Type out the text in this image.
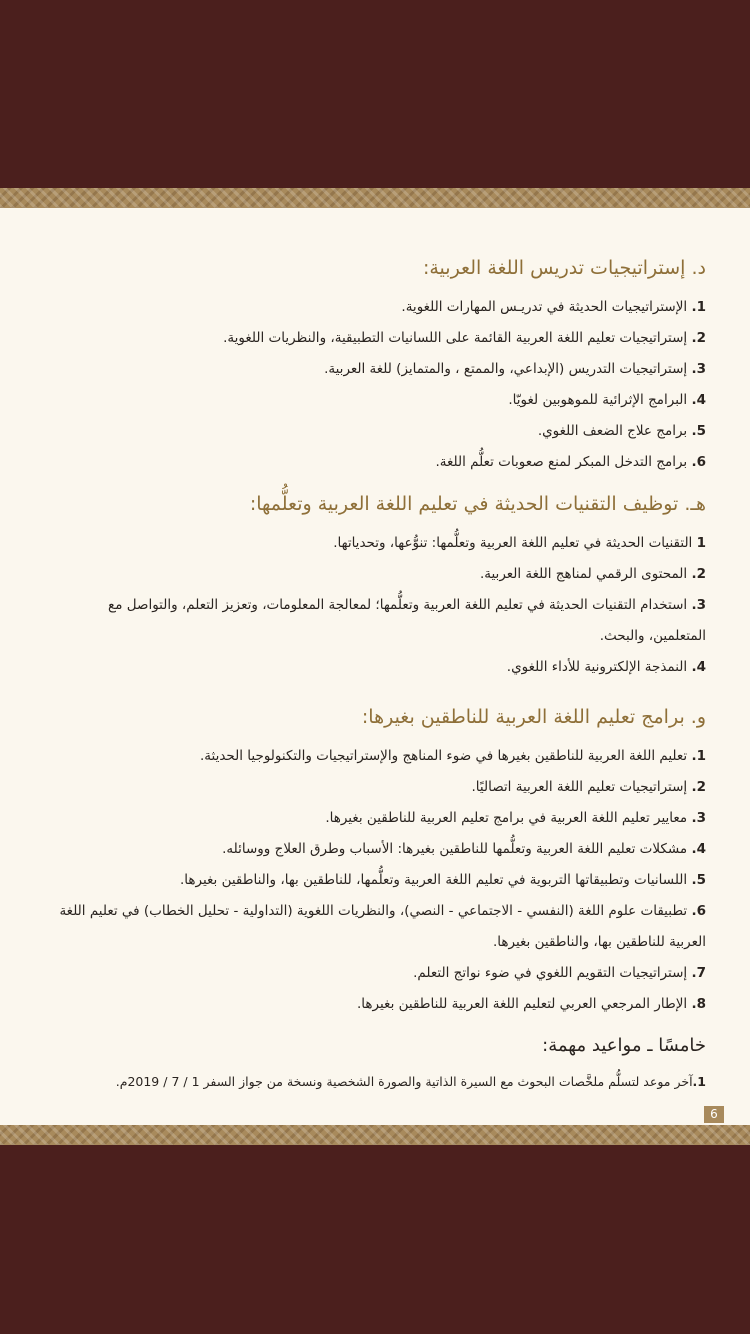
د. إستراتيجيات تدريس اللغة العربية:

1. الإستراتيجيات الحديثة في تدريـس المهارات اللغوية.

2. إستراتيجيات تعليم اللغة العربية القائمة على اللسانيات التطبيقية، والنظريات اللغوية.

3. إستراتيجيات التدريس (الإبداعي، والممتع ، والمتمايز) للغة العربية.

4. البرامج الإثرائية للموهوبين لغويّا.

5. برامج علاج الضعف اللغوي.

6. برامج التدخل المبكر لمنع صعوبات تعلُّم اللغة.

هـ. توظيف التقنيات الحديثة في تعليم اللغة العربية وتعلُّمها:

1 التقنيات الحديثة في تعليم اللغة العربية وتعلُّمها: تنوُّعها، وتحدياتها.

2. المحتوى الرقمي لمناهج اللغة العربية.

3. استخدام التقنيات الحديثة في تعليم اللغة العربية وتعلُّمها؛ لمعالجة المعلومات، وتعزيز التعلم، والتواصل مع المتعلمين، والبحث.

4. النمذجة الإلكترونية للأداء اللغوي.

و. برامج تعليم اللغة العربية للناطقين بغيرها:

1. تعليم اللغة العربية للناطقين بغيرها في ضوء المناهج والإستراتيجيات والتكنولوجيا الحديثة.

2. إستراتيجيات تعليم اللغة العربية اتصاليًا.

3. معايير تعليم اللغة العربية في برامج تعليم العربية للناطقين بغيرها.

4. مشكلات تعليم اللغة العربية وتعلُّمها للناطقين بغيرها: الأسباب وطرق العلاج ووسائله.

5. اللسانيات وتطبيقاتها التربوية في تعليم اللغة العربية وتعلُّمها، للناطقين بها، والناطقين بغيرها.

6. تطبيقات علوم اللغة (النفسي - الاجتماعي - النصي)، والنظريات اللغوية (التداولية - تحليل الخطاب) في تعليم اللغة العربية للناطقين بها، والناطقين بغيرها.

7. إستراتيجيات التقويم اللغوي في ضوء نواتج التعلم.

8. الإطار المرجعي العربي لتعليم اللغة العربية للناطقين بغيرها.

خامسًا ـ مواعيد مهمة:

1.آخر موعد لتسلُّم ملخَّصات البحوث مع السيرة الذاتية والصورة الشخصية ونسخة من جواز السفر 1 / 7 / 2019م.

6
